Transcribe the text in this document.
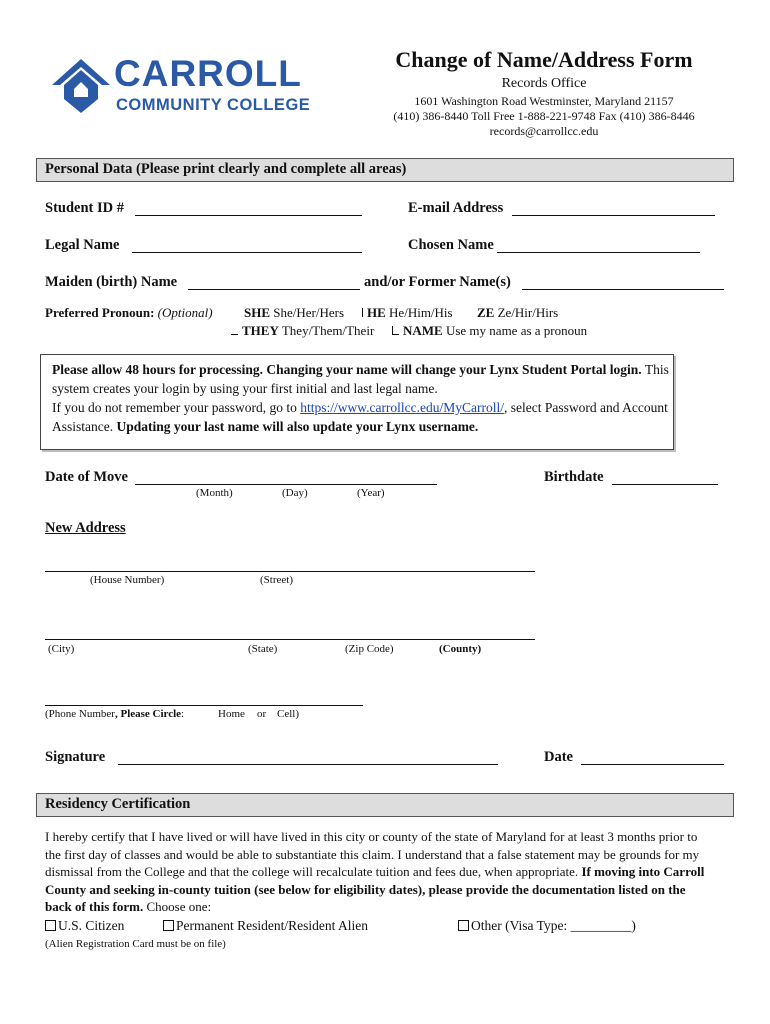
CARROLL
COMMUNITY COLLEGE
Change of Name/Address Form
Records Office
1601 Washington Road Westminster, Maryland 21157
(410) 386-8440 Toll Free 1-888-221-9748 Fax (410) 386-8446
records@carrollcc.edu
Personal Data (Please print clearly and complete all areas)
Student ID #	E-mail Address
Legal Name	Chosen Name
Maiden (birth) Name	and/or Former Name(s)
Preferred Pronoun: (Optional) SHE She/Her/Hers	HE He/Him/His ZE Ze/Hir/Hirs
THEY They/Them/Their	NAME Use my name as a pronoun
Please allow 48 hours for processing. Changing your name will change your Lynx Student Portal login. This system creates your login by using your first initial and last legal name.
If you do not remember your password, go to https://www.carrollcc.edu/MyCarroll/, select Password and Account Assistance. Updating your last name will also update your Lynx username.
Date of Move
(Month)	(Day)	(Year)
Birthdate
New Address
(House Number)	(Street)
(City)	(State)	(Zip Code)	(County)
(Phone Number, Please Circle:	Home or Cell)
Signature	Date
Residency Certification
I hereby certify that I have lived or will have lived in this city or county of the state of Maryland for at least 3 months prior to the first day of classes and would be able to substantiate this claim. I understand that a false statement may be grounds for my dismissal from the College and that the college will recalculate tuition and fees due, when appropriate. If moving into Carroll County and seeking in-county tuition (see below for eligibility dates), please provide the documentation listed on the back of this form. Choose one:
U.S. Citizen	Permanent Resident/Resident Alien	Other (Visa Type: _________)
(Alien Registration Card must be on file)
